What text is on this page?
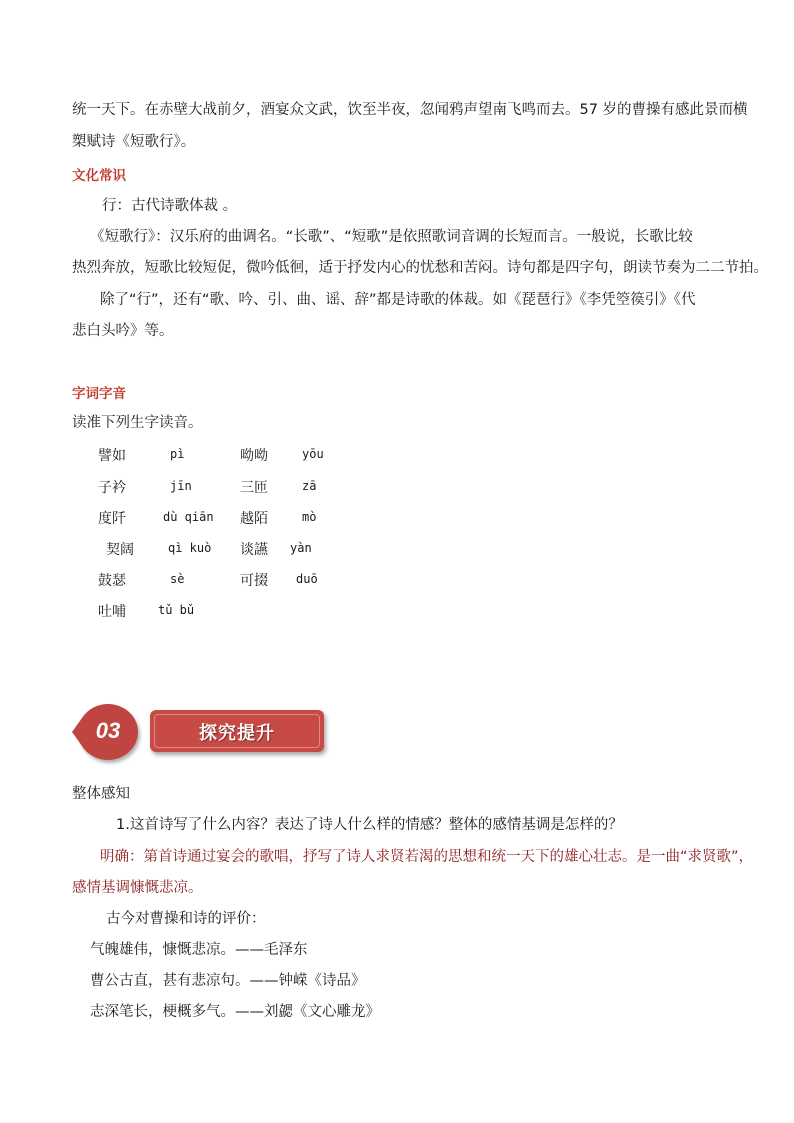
统一天下。在赤壁大战前夕，酒宴众文武，饮至半夜，忽闻鸦声望南飞鸣而去。57 岁的曹操有感此景而横

槊赋诗《短歌行》。

文化常识

行：古代诗歌体裁 。

《短歌行》：汉乐府的曲调名。“长歌”、“短歌”是依照歌词音调的长短而言。一般说，长歌比较

热烈奔放，短歌比较短促，微吟低徊，适于抒发内心的忧愁和苦闷。诗句都是四字句，朗读节奏为二二节拍。

除了“行”，还有“歌、吟、引、曲、谣、辞”都是诗歌的体裁。如《琵琶行》《李凭箜篌引》《代

悲白头吟》等。

字词字音

读准下列生字读音。

譬如	pì	呦呦	yōu
子衿	jīn	三匝	zā
度阡	dù qiān 越陌	mò
契阔	qì kuò 谈讌 yàn
鼓瑟	sè	可掇 duō
吐哺	tǔ bǔ
03	探究提升

整体感知

1.这首诗写了什么内容？表达了诗人什么样的情感？整体的感情基调是怎样的？

明确：第首诗通过宴会的歌唱，抒写了诗人求贤若渴的思想和统一天下的雄心壮志。是一曲“求贤歌”，

感情基调慷慨悲凉。

古今对曹操和诗的评价：

气魄雄伟，慷慨悲凉。——毛泽东

曹公古直，甚有悲凉句。——钟嵘《诗品》

志深笔长，梗概多气。——刘勰《文心雕龙》
